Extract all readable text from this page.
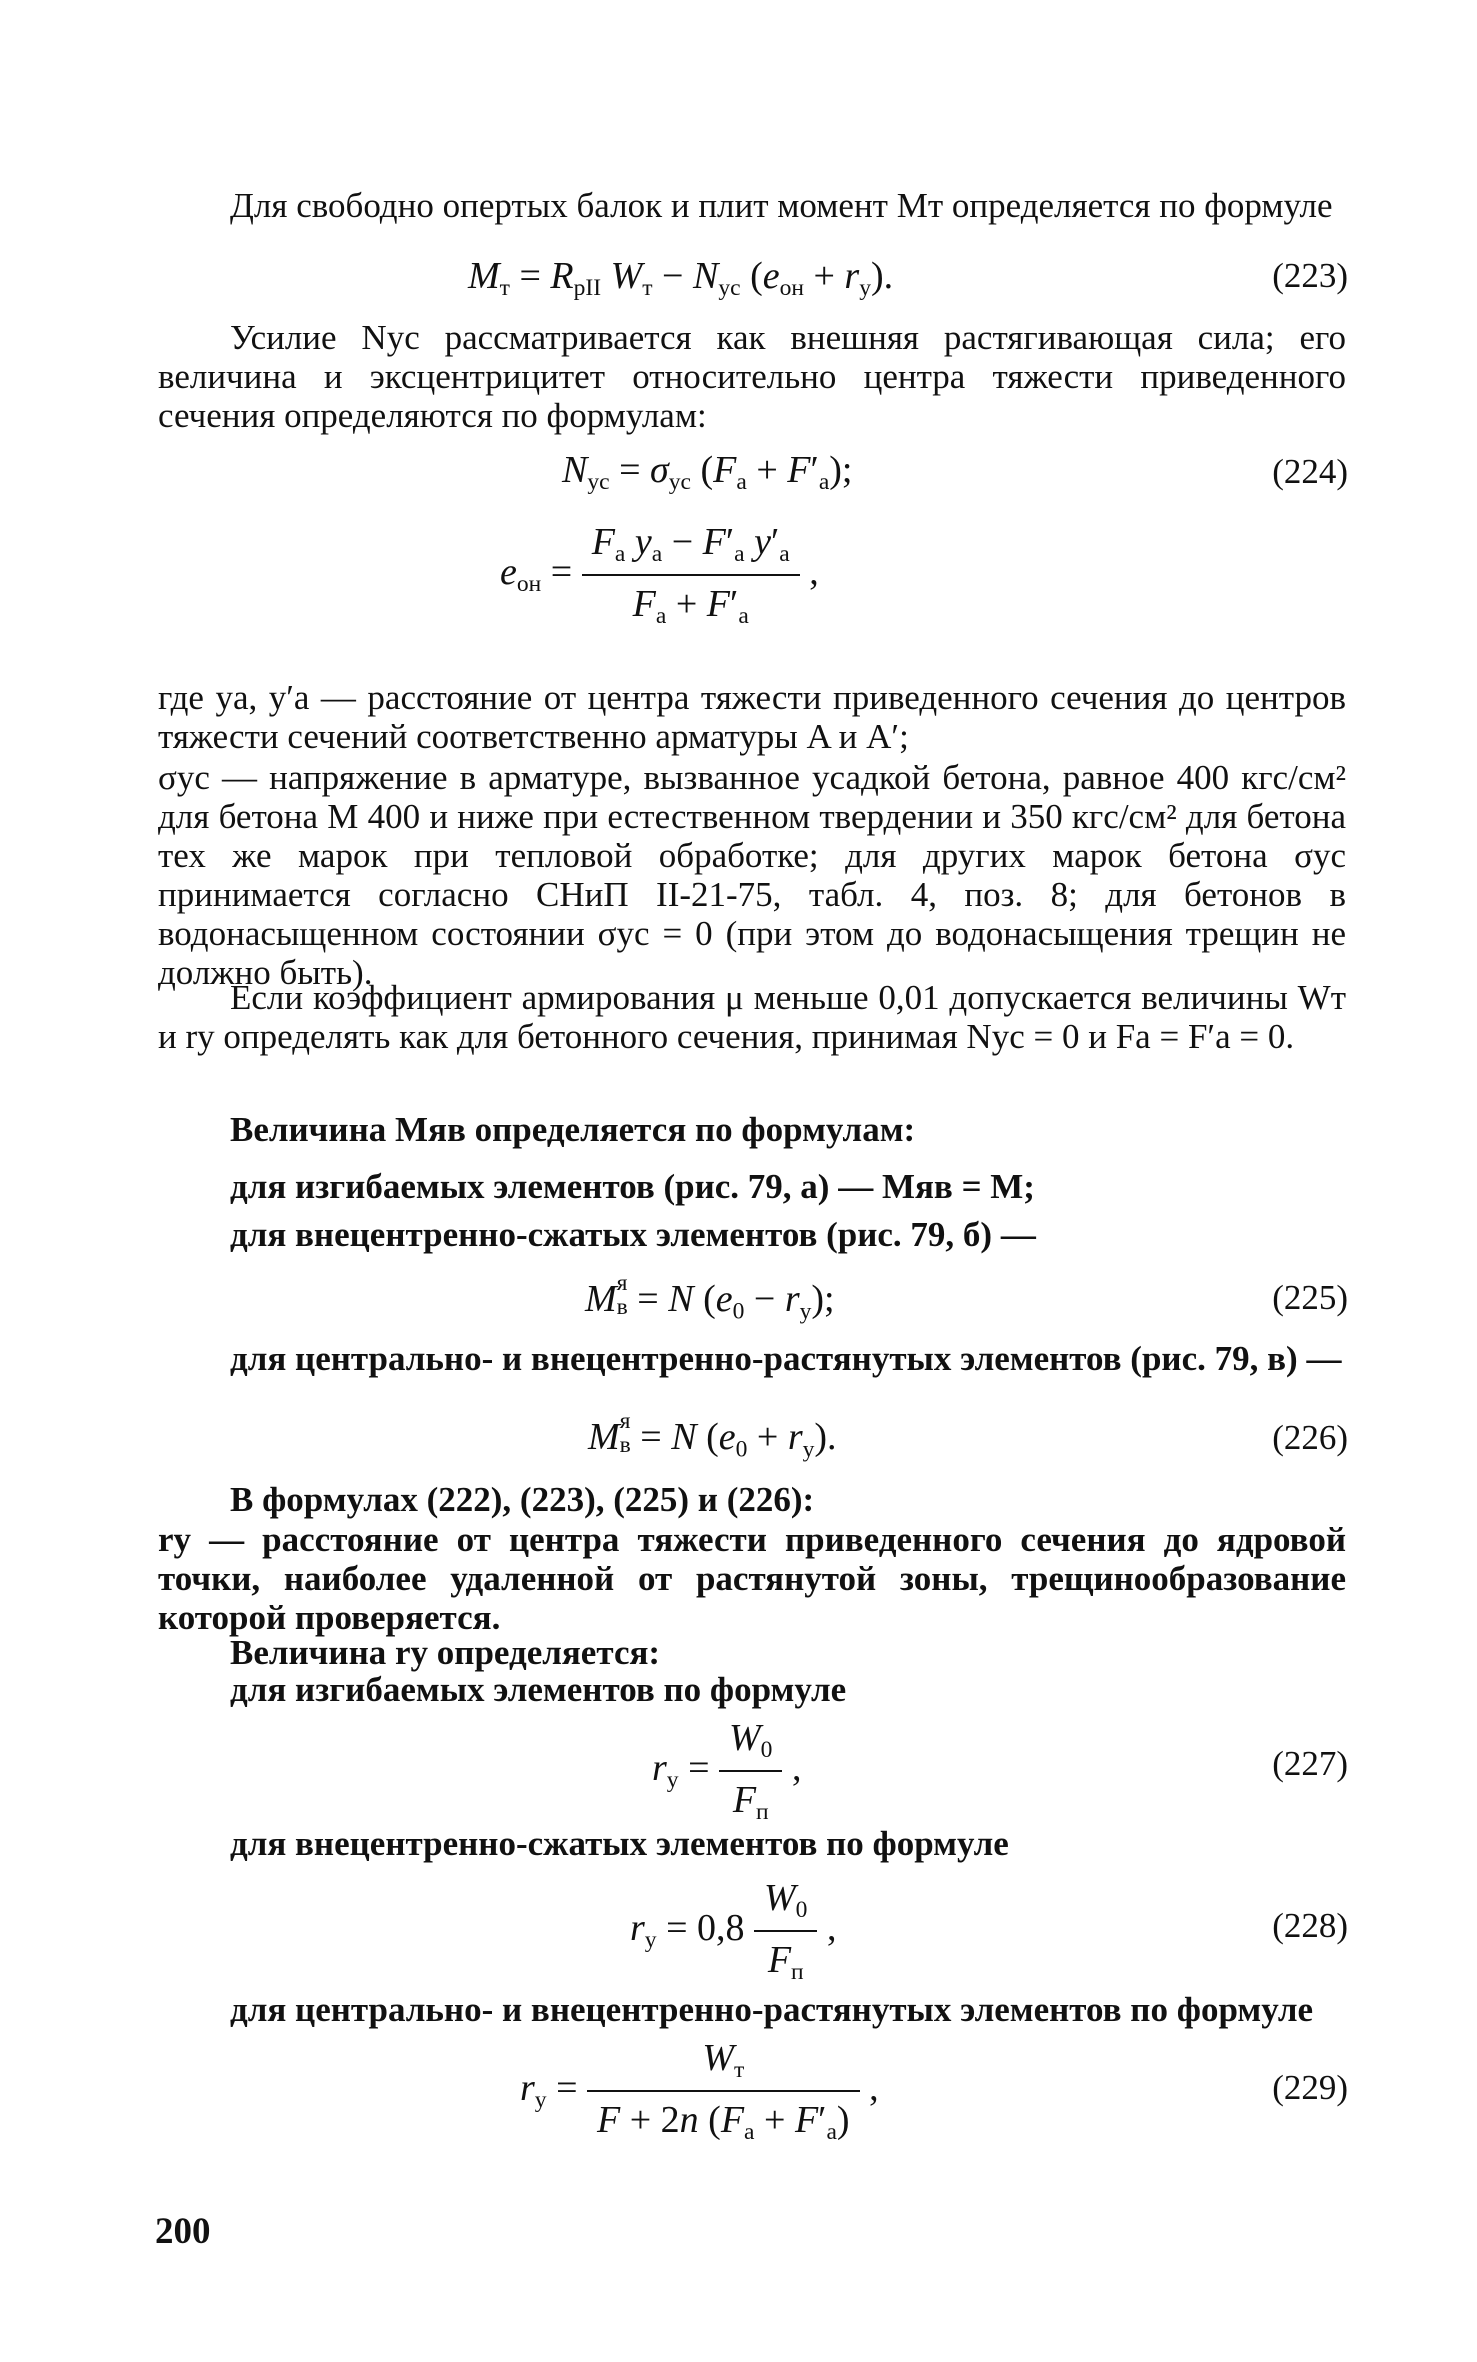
Для свободно опертых балок и плит момент Mт определяется по формуле

$M_т = R_{pII}$ $W_т - N_{ус}$ $(e_{он} + r_у)$.	(223)

Усилие Nус рассматривается как внешняя растягивающая сила; его величина и эксцентрицитет относительно центра тяжести приведенного сечения определяются по формулам:

$N_{ус} = \sigma_{ус}$ $(F_а + F'_а)$;	(224)
$e_{он} = \frac{F_а y_а - F'_а y'_а}{F_а + F'_а}$ ,

где yа, y′а — расстояние от центра тяжести приведенного сечения до центров тяжести сечений соответственно арматуры A и A′;

σус — напряжение в арматуре, вызванное усадкой бетона, равное 400 кгс/см² для бетона М 400 и ниже при естественном твердении и 350 кгс/см² для бетона тех же марок при тепловой обработке; для других марок бетона σус принимается согласно СНиП II-21-75, табл. 4, поз. 8; для бетонов в водонасыщенном состоянии σус = 0 (при этом до водонасыщения трещин не должно быть).

Если коэффициент армирования μ меньше 0,01 допускается величины Wт и rу определять как для бетонного сечения, принимая Nус = 0 и Fа = F′а = 0.

Величина Mяв определяется по формулам:

для изгибаемых элементов (рис. 79, а) — Mяв = M;

для внецентренно-сжатых элементов (рис. 79, б) —

M я
в = N $(e_0 - r_у)$;	(225)

для центрально- и внецентренно-растянутых элементов (рис. 79, в) —

M я
в = N $(e_0 + r_у)$.	(226)

В формулах (222), (223), (225) и (226):

rу — расстояние от центра тяжести приведенного сечения до ядровой точки, наиболее удаленной от растянутой зоны, трещинообразование которой проверяется.

Величина rу определяется:

для изгибаемых элементов по формуле

$r_у = \frac{W_0}{F_п}$ ,	(227)

для внецентренно-сжатых элементов по формуле

$r_у = 0,8 \frac{W_0}{F_п}$ ,	(228)

для центрально- и внецентренно-растянутых элементов по формуле

$r_у = \frac{W_т}{F + 2n (F_а + F'_а)}$ ,	(229)
200
